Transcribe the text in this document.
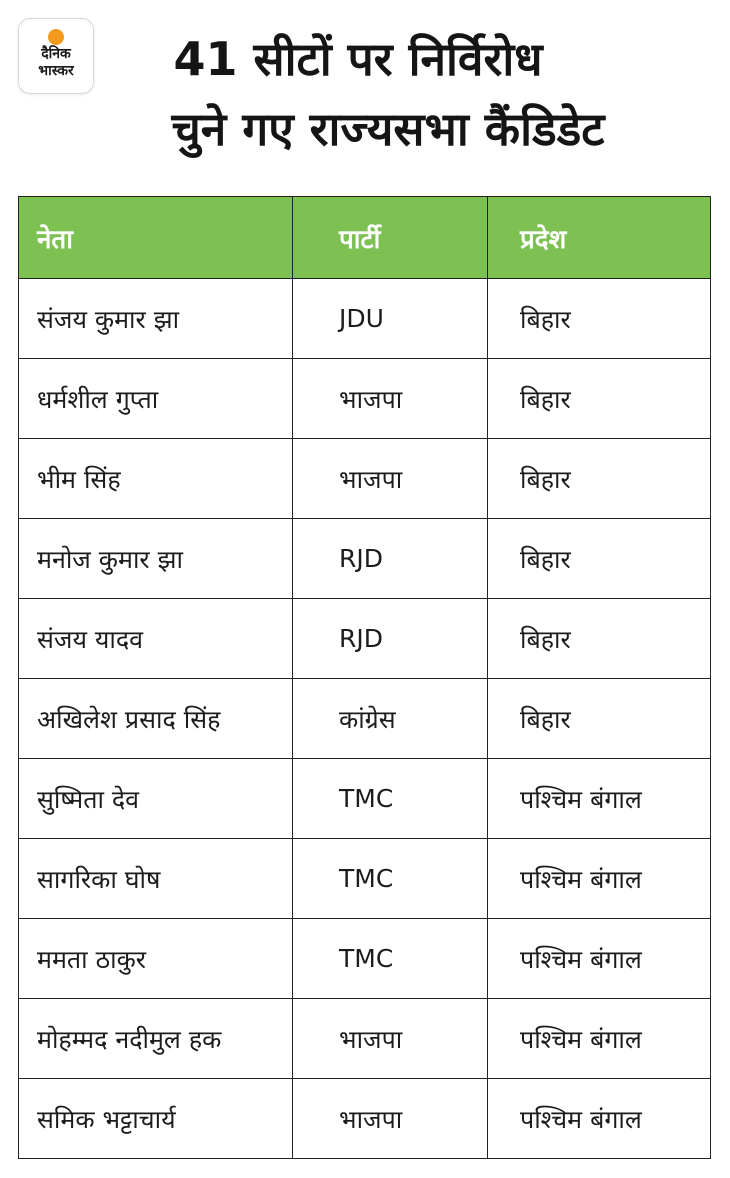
दैनिक
भास्कर	41 सीटों पर निर्विरोध
चुने गए राज्यसभा कैंडिडेट
नेता	पार्टी	प्रदेश
संजय कुमार झा	JDU	बिहार
धर्मशील गुप्ता	भाजपा	बिहार
भीम सिंह	भाजपा	बिहार
मनोज कुमार झा	RJD	बिहार
संजय यादव	RJD	बिहार
अखिलेश प्रसाद सिंह	कांग्रेस	बिहार
सुष्मिता देव	TMC	पश्चिम बंगाल
सागरिका घोष	TMC	पश्चिम बंगाल
ममता ठाकुर	TMC	पश्चिम बंगाल
मोहम्मद नदीमुल हक	भाजपा	पश्चिम बंगाल
समिक भट्टाचार्य	भाजपा	पश्चिम बंगाल
